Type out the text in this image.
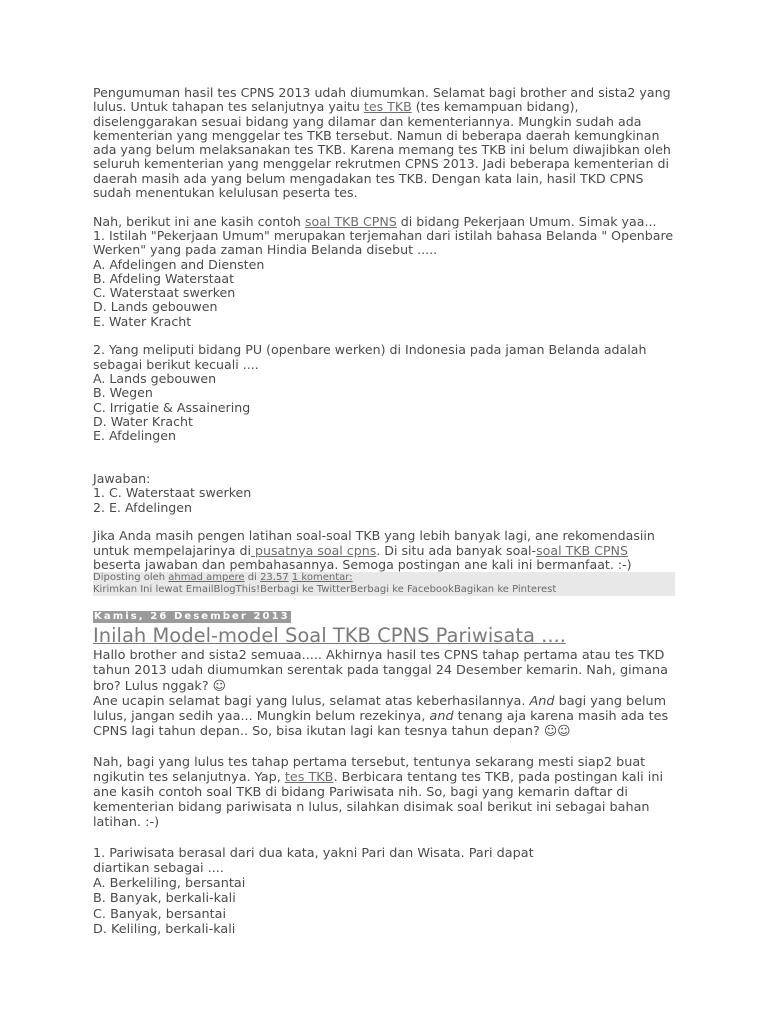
Pengumuman hasil tes CPNS 2013 udah diumumkan. Selamat bagi brother and sista2 yang lulus. Untuk tahapan tes selanjutnya yaitu tes TKB (tes kemampuan bidang), diselenggarakan sesuai bidang yang dilamar dan kementeriannya. Mungkin sudah ada kementerian yang menggelar tes TKB tersebut. Namun di beberapa daerah kemungkinan ada yang belum melaksanakan tes TKB. Karena memang tes TKB ini belum diwajibkan oleh seluruh kementerian yang menggelar rekrutmen CPNS 2013. Jadi beberapa kementerian di daerah masih ada yang belum mengadakan tes TKB. Dengan kata lain, hasil TKD CPNS sudah menentukan kelulusan peserta tes.

Nah, berikut ini ane kasih contoh soal TKB CPNS di bidang Pekerjaan Umum. Simak yaa...

1. Istilah "Pekerjaan Umum" merupakan terjemahan dari istilah bahasa Belanda " Openbare Werken" yang pada zaman Hindia Belanda disebut .....

A. Afdelingen and Diensten

B. Afdeling Waterstaat

C. Waterstaat swerken

D. Lands gebouwen

E. Water Kracht

2. Yang meliputi bidang PU (openbare werken) di Indonesia pada jaman Belanda adalah sebagai berikut kecuali ....

A. Lands gebouwen

B. Wegen

C. Irrigatie & Assainering

D. Water Kracht

E. Afdelingen

Jawaban:

1. C. Waterstaat swerken

2. E. Afdelingen

Jika Anda masih pengen latihan soal-soal TKB yang lebih banyak lagi, ane rekomendasiin untuk mempelajarinya di pusatnya soal cpns. Di situ ada banyak soal-soal TKB CPNS beserta jawaban dan pembahasannya. Semoga postingan ane kali ini bermanfaat. :-)

Diposting oleh ahmad ampere di 23.57 1 komentar:
Kirimkan Ini lewat EmailBlogThis!Berbagi ke TwitterBerbagi ke FacebookBagikan ke Pinterest
Kamis, 26 Desember 2013
Inilah Model-model Soal TKB CPNS Pariwisata ....

Hallo brother and sista2 semuaa..... Akhirnya hasil tes CPNS tahap pertama atau tes TKD tahun 2013 udah diumumkan serentak pada tanggal 24 Desember kemarin. Nah, gimana bro? Lulus nggak? ☺

Ane ucapin selamat bagi yang lulus, selamat atas keberhasilannya. And bagi yang belum lulus, jangan sedih yaa... Mungkin belum rezekinya, and tenang aja karena masih ada tes CPNS lagi tahun depan.. So, bisa ikutan lagi kan tesnya tahun depan? ☺☺

Nah, bagi yang lulus tes tahap pertama tersebut, tentunya sekarang mesti siap2 buat ngikutin tes selanjutnya. Yap, tes TKB. Berbicara tentang tes TKB, pada postingan kali ini ane kasih contoh soal TKB di bidang Pariwisata nih. So, bagi yang kemarin daftar di kementerian bidang pariwisata n lulus, silahkan disimak soal berikut ini sebagai bahan latihan. :-)

1. Pariwisata berasal dari dua kata, yakni Pari dan Wisata. Pari dapat diartikan sebagai ....

A. Berkeliling, bersantai

B. Banyak, berkali-kali

C. Banyak, bersantai

D. Keliling, berkali-kali
